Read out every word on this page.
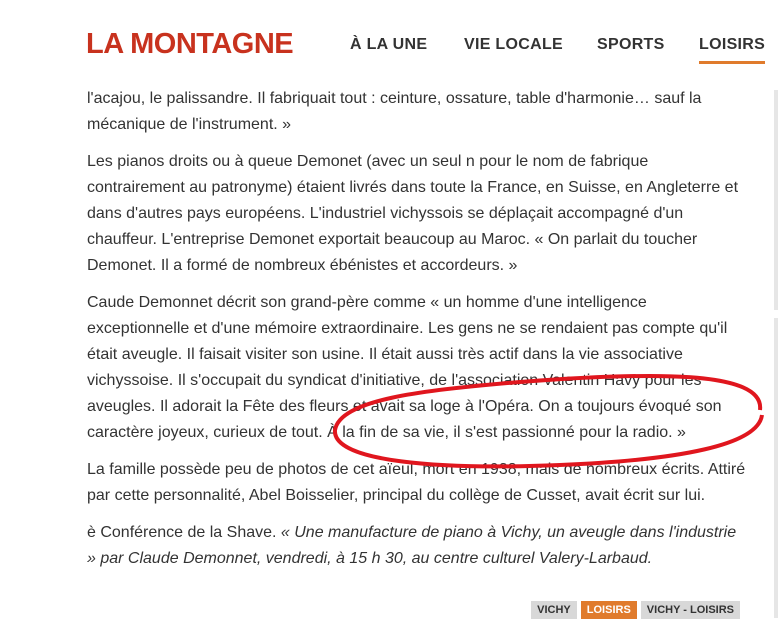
LA MONTAGNE	À LA UNE VIE LOCALE SPORTS LOISIRS

l'acajou, le palissandre. Il fabriquait tout : ceinture, ossature, table d'harmonie… sauf la mécanique de l'instrument. »

Les pianos droits ou à queue Demonet (avec un seul n pour le nom de fabrique contrairement au patronyme) étaient livrés dans toute la France, en Suisse, en Angleterre et dans d'autres pays européens. L'industriel vichyssois se déplaçait accompagné d'un chauffeur. L'entreprise Demonet exportait beaucoup au Maroc. « On parlait du toucher Demonet. Il a formé de nombreux ébénistes et accordeurs. »

Caude Demonnet décrit son grand-père comme « un homme d'une intelligence exceptionnelle et d'une mémoire extraordinaire. Les gens ne se rendaient pas compte qu'il était aveugle. Il faisait visiter son usine. Il était aussi très actif dans la vie associative vichyssoise. Il s'occupait du syndicat d'initiative, de l'association Valentin Havy pour les aveugles. Il adorait la Fête des fleurs et avait sa loge à l'Opéra. On a toujours évoqué son caractère joyeux, curieux de tout. À la fin de sa vie, il s'est passionné pour la radio. »

La famille possède peu de photos de cet aïeul, mort en 1938, mais de nombreux écrits. Attiré par cette personnalité, Abel Boisselier, principal du collège de Cusset, avait écrit sur lui.

è Conférence de la Shave. « Une manufacture de piano à Vichy, un aveugle dans l'industrie » par Claude Demonnet, vendredi, à 15 h 30, au centre culturel Valery-Larbaud.

VICHY	LOISIRS	VICHY - LOISIRS
